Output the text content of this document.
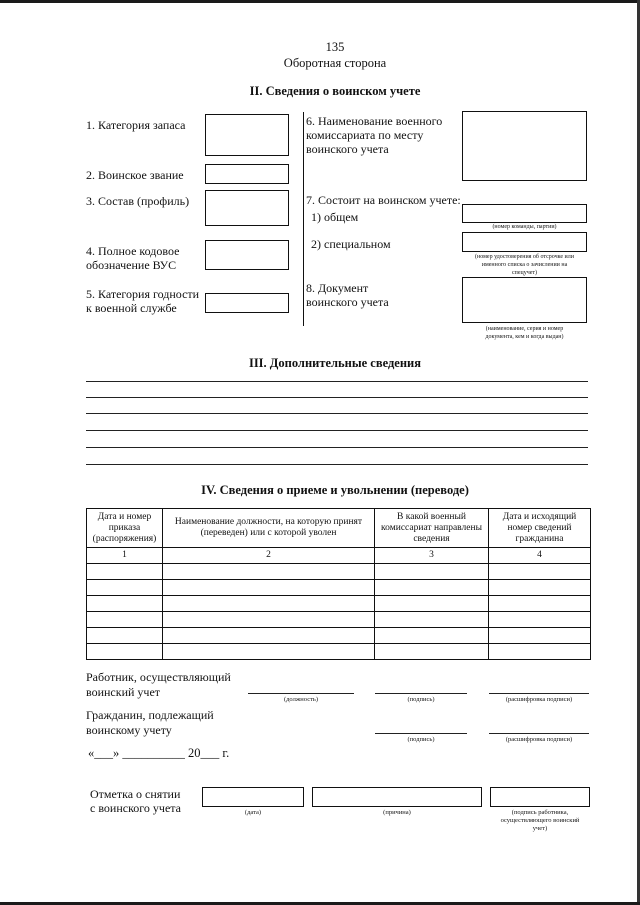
135
Оборотная сторона
II. Сведения о воинском учете
1. Категория запаса
2. Воинское звание
3. Состав (профиль)
4. Полное кодовое
обозначение ВУС
5. Категория годности
к военной службе
6. Наименование военного
комиссариата по месту
воинского учета
7. Состоит на воинском учете:
1) общем
(номер команды, партии)
2) специальном
(номер удостоверения об отсрочке или
именного списка о зачислении на
спецучет)
8. Документ
воинского учета
(наименование, серия и номер
документа, кем и когда выдан)
III. Дополнительные сведения
IV. Сведения о приеме и увольнении (переводе)
Дата и номер приказа (распоряжения)	Наименование должности, на которую принят (переведен) или с которой уволен	В какой военный комиссариат направлены сведения	Дата и исходящий номер сведений гражданина
1	2	3	4

Работник, осуществляющий
воинский учет
(должность)	(подпись)	(расшифровка подписи)
Гражданин, подлежащий
воинскому учету
(подпись)	(расшифровка подписи)
«___» __________ 20___ г.
Отметка о снятии
с воинского учета	(дата)	(причина)	(подпись работника,
осуществляющего воинский
учет)
